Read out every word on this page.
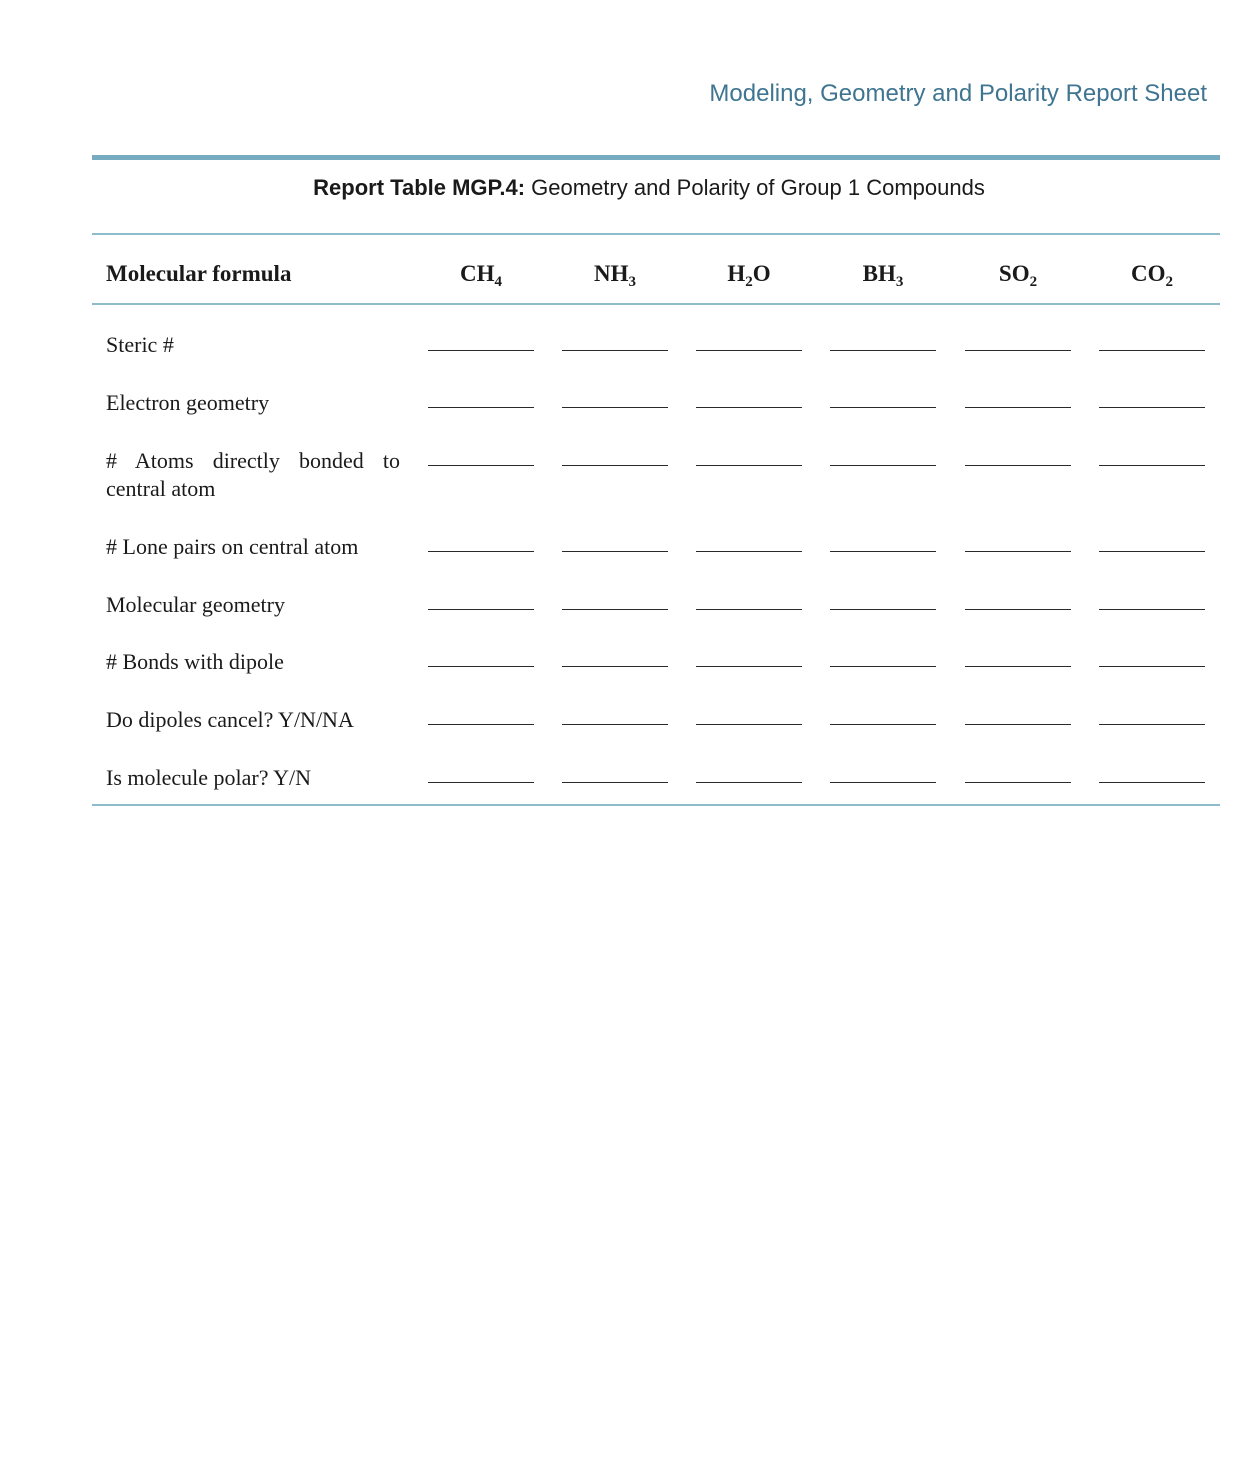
Modeling, Geometry and Polarity Report Sheet
Report Table MGP.4: Geometry and Polarity of Group 1 Compounds
Molecular formula	$CH_4$	$NH_3$	$H_2O$	$BH_3$	$SO_2$	$CO_2$
Steric #
Electron geometry
# Atoms directly bonded to central atom
# Lone pairs on central atom
Molecular geometry
# Bonds with dipole
Do dipoles cancel? Y/N/NA
Is molecule polar? Y/N
